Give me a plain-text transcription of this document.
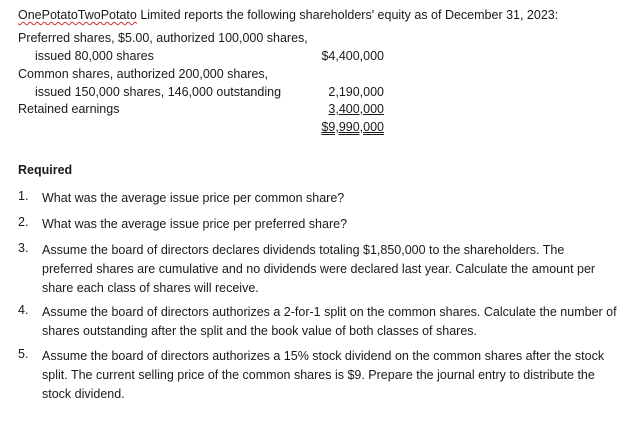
OnePotatoTwoPotato Limited reports the following shareholders' equity as of December 31, 2023:
Preferred shares, $5.00, authorized 100,000 shares,
issued 80,000 shares	$4,400,000
Common shares, authorized 200,000 shares,
issued 150,000 shares, 146,000 outstanding	2,190,000
Retained earnings	3,400,000
$9,990,000
Required
1. What was the average issue price per common share?
2. What was the average issue price per preferred share?
3. Assume the board of directors declares dividends totaling $1,850,000 to the shareholders. The preferred shares are cumulative and no dividends were declared last year. Calculate the amount per share each class of shares will receive.
4. Assume the board of directors authorizes a 2-for-1 split on the common shares. Calculate the number of shares outstanding after the split and the book value of both classes of shares.
5. Assume the board of directors authorizes a 15% stock dividend on the common shares after the stock split. The current selling price of the common shares is $9. Prepare the journal entry to distribute the stock dividend.
